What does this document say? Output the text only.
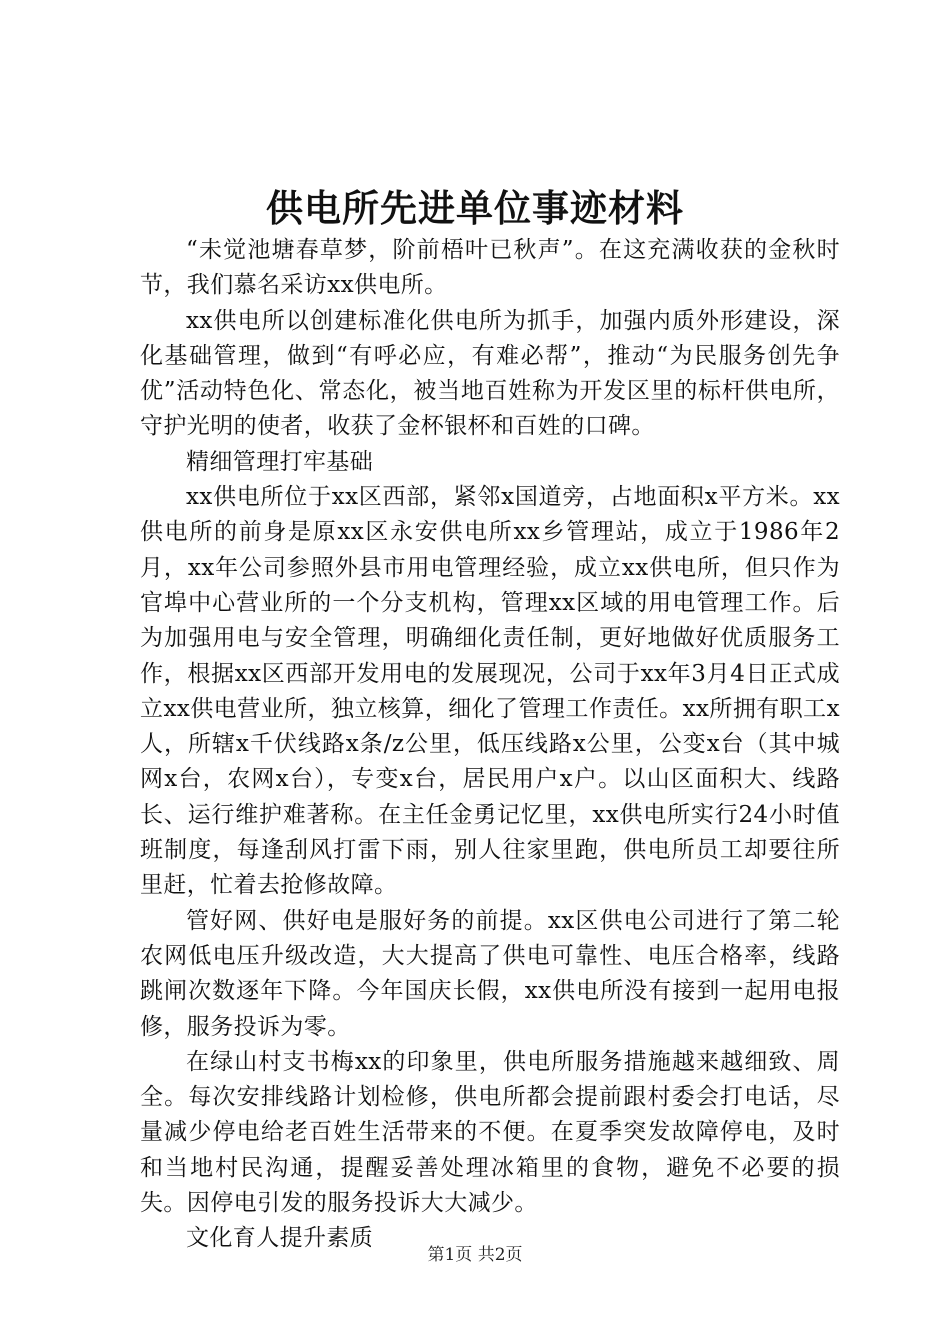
供电所先进单位事迹材料

“未觉池塘春草梦，阶前梧叶已秋声”。在这充满收获的金秋时节，我们慕名采访xx供电所。

xx供电所以创建标准化供电所为抓手，加强内质外形建设，深化基础管理，做到“有呼必应，有难必帮”，推动“为民服务创先争优”活动特色化、常态化，被当地百姓称为开发区里的标杆供电所，守护光明的使者，收获了金杯银杯和百姓的口碑。

精细管理打牢基础

xx供电所位于xx区西部，紧邻x国道旁，占地面积x平方米。xx供电所的前身是原xx区永安供电所xx乡管理站，成立于1986年2月，xx年公司参照外县市用电管理经验，成立xx供电所，但只作为官埠中心营业所的一个分支机构，管理xx区域的用电管理工作。后为加强用电与安全管理，明确细化责任制，更好地做好优质服务工作，根据xx区西部开发用电的发展现况，公司于xx年3月4日正式成立xx供电营业所，独立核算，细化了管理工作责任。xx所拥有职工x人，所辖x千伏线路x条/z公里，低压线路x公里，公变x台（其中城网x台，农网x台），专变x台，居民用户x户。以山区面积大、线路长、运行维护难著称。在主任金勇记忆里，xx供电所实行24小时值班制度，每逢刮风打雷下雨，别人往家里跑，供电所员工却要往所里赶，忙着去抢修故障。

管好网、供好电是服好务的前提。xx区供电公司进行了第二轮农网低电压升级改造，大大提高了供电可靠性、电压合格率，线路跳闸次数逐年下降。今年国庆长假，xx供电所没有接到一起用电报修，服务投诉为零。

在绿山村支书梅xx的印象里，供电所服务措施越来越细致、周全。每次安排线路计划检修，供电所都会提前跟村委会打电话，尽量减少停电给老百姓生活带来的不便。在夏季突发故障停电，及时和当地村民沟通，提醒妥善处理冰箱里的食物，避免不必要的损失。因停电引发的服务投诉大大减少。

文化育人提升素质

第1页 共2页
